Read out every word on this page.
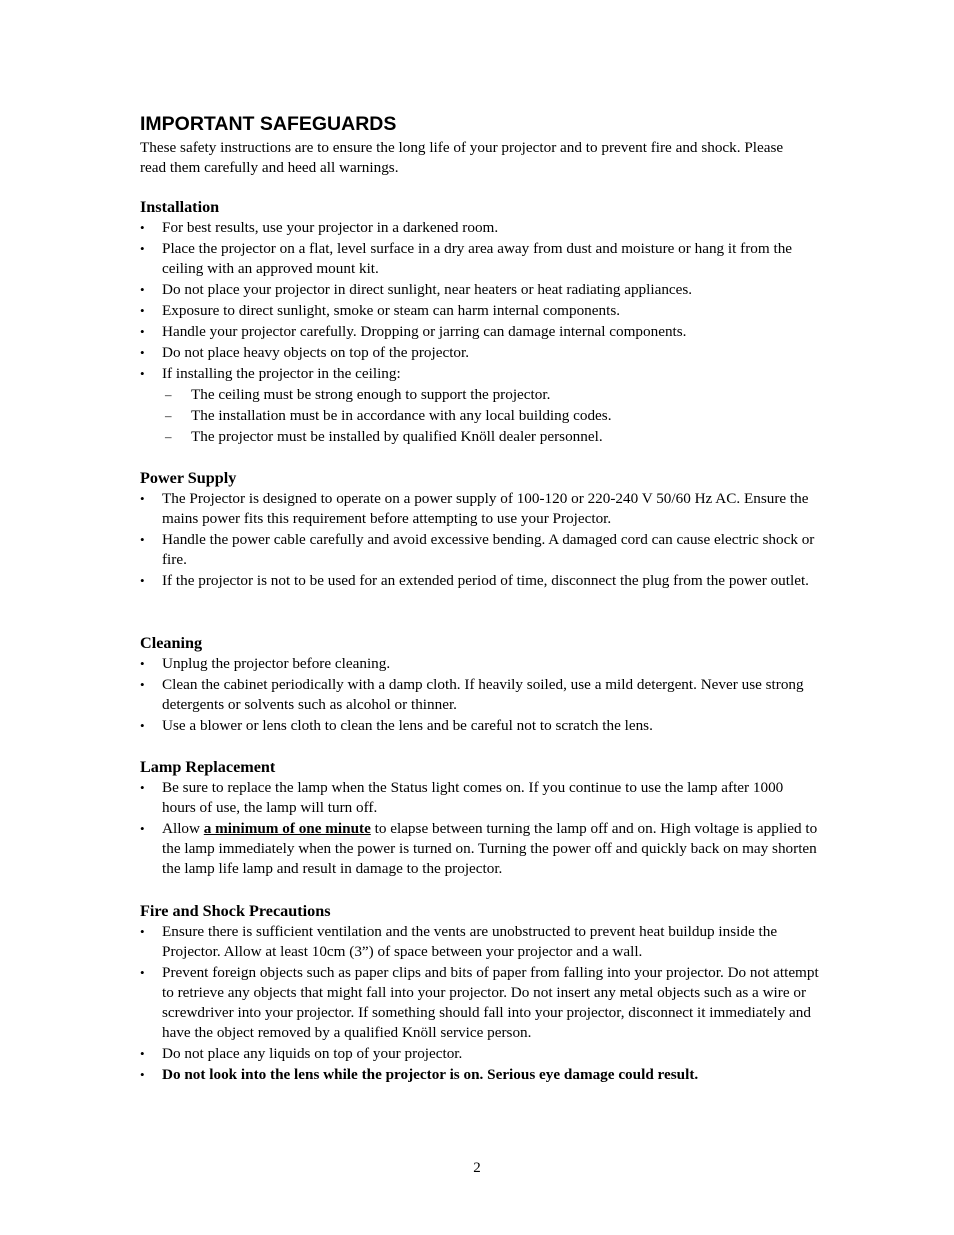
IMPORTANT SAFEGUARDS
These safety instructions are to ensure the long life of your projector and to prevent fire and shock. Please read them carefully and heed all warnings.
Installation
•	For best results, use your projector in a darkened room.
•	Place the projector on a flat, level surface in a dry area away from dust and moisture or hang it from the ceiling with an approved mount kit.
•	Do not place your projector in direct sunlight, near heaters or heat radiating appliances.
•	Exposure to direct sunlight, smoke or steam can harm internal components.
•	Handle your projector carefully. Dropping or jarring can damage internal components.
•	Do not place heavy objects on top of the projector.
•	If installing the projector in the ceiling:
–	The ceiling must be strong enough to support the projector.
–	The installation must be in accordance with any local building codes.
–	The projector must be installed by qualified Knöll dealer personnel.
Power Supply
•	The Projector is designed to operate on a power supply of 100-120 or 220-240 V 50/60 Hz AC. Ensure the mains power fits this requirement before attempting to use your Projector.
•	Handle the power cable carefully and avoid excessive bending. A damaged cord can cause electric shock or fire.
•	If the projector is not to be used for an extended period of time, disconnect the plug from the power outlet.
Cleaning
•	Unplug the projector before cleaning.
•	Clean the cabinet periodically with a damp cloth. If heavily soiled, use a mild detergent. Never use strong detergents or solvents such as alcohol or thinner.
•	Use a blower or lens cloth to clean the lens and be careful not to scratch the lens.
Lamp Replacement
•	Be sure to replace the lamp when the Status light comes on. If you continue to use the lamp after 1000 hours of use, the lamp will turn off.
•	Allow a minimum of one minute to elapse between turning the lamp off and on. High voltage is applied to the lamp immediately when the power is turned on. Turning the power off and quickly back on may shorten the lamp life lamp and result in damage to the projector.
Fire and Shock Precautions
•	Ensure there is sufficient ventilation and the vents are unobstructed to prevent heat buildup inside the Projector. Allow at least 10cm (3”) of space between your projector and a wall.
•	Prevent foreign objects such as paper clips and bits of paper from falling into your projector. Do not attempt to retrieve any objects that might fall into your projector. Do not insert any metal objects such as a wire or screwdriver into your projector. If something should fall into your projector, disconnect it immediately and have the object removed by a qualified Knöll service person.
•	Do not place any liquids on top of your projector.
•	Do not look into the lens while the projector is on. Serious eye damage could result.
2
